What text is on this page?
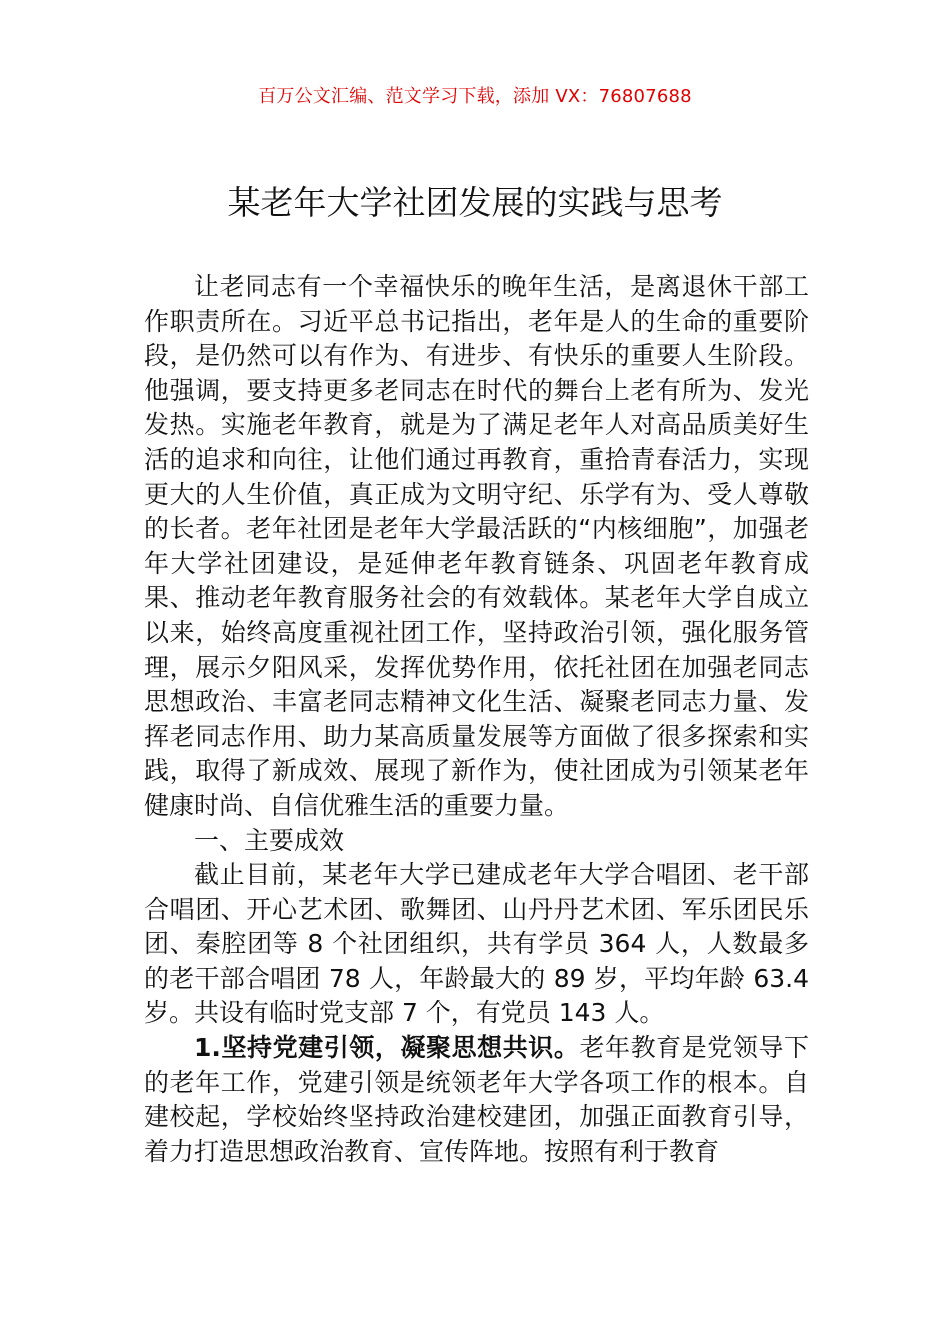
百万公文汇编、范文学习下载，添加 VX：76807688
某老年大学社团发展的实践与思考

让老同志有一个幸福快乐的晚年生活，是离退休干部工作职责所在。习近平总书记指出，老年是人的生命的重要阶段，是仍然可以有作为、有进步、有快乐的重要人生阶段。他强调，要支持更多老同志在时代的舞台上老有所为、发光发热。实施老年教育，就是为了满足老年人对高品质美好生活的追求和向往，让他们通过再教育，重拾青春活力，实现更大的人生价值，真正成为文明守纪、乐学有为、受人尊敬的长者。老年社团是老年大学最活跃的“内核细胞”，加强老年大学社团建设，是延伸老年教育链条、巩固老年教育成果、推动老年教育服务社会的有效载体。某老年大学自成立以来，始终高度重视社团工作，坚持政治引领，强化服务管理，展示夕阳风采，发挥优势作用，依托社团在加强老同志思想政治、丰富老同志精神文化生活、凝聚老同志力量、发挥老同志作用、助力某高质量发展等方面做了很多探索和实践，取得了新成效、展现了新作为，使社团成为引领某老年健康时尚、自信优雅生活的重要力量。

一、主要成效

截止目前，某老年大学已建成老年大学合唱团、老干部合唱团、开心艺术团、歌舞团、山丹丹艺术团、军乐团民乐团、秦腔团等 8 个社团组织，共有学员 364 人，人数最多的老干部合唱团 78 人，年龄最大的 89 岁，平均年龄 63.4 岁。共设有临时党支部 7 个，有党员 143 人。

1.坚持党建引领，凝聚思想共识。老年教育是党领导下的老年工作，党建引领是统领老年大学各项工作的根本。自建校起，学校始终坚持政治建校建团，加强正面教育引导，着力打造思想政治教育、宣传阵地。按照有利于教育
